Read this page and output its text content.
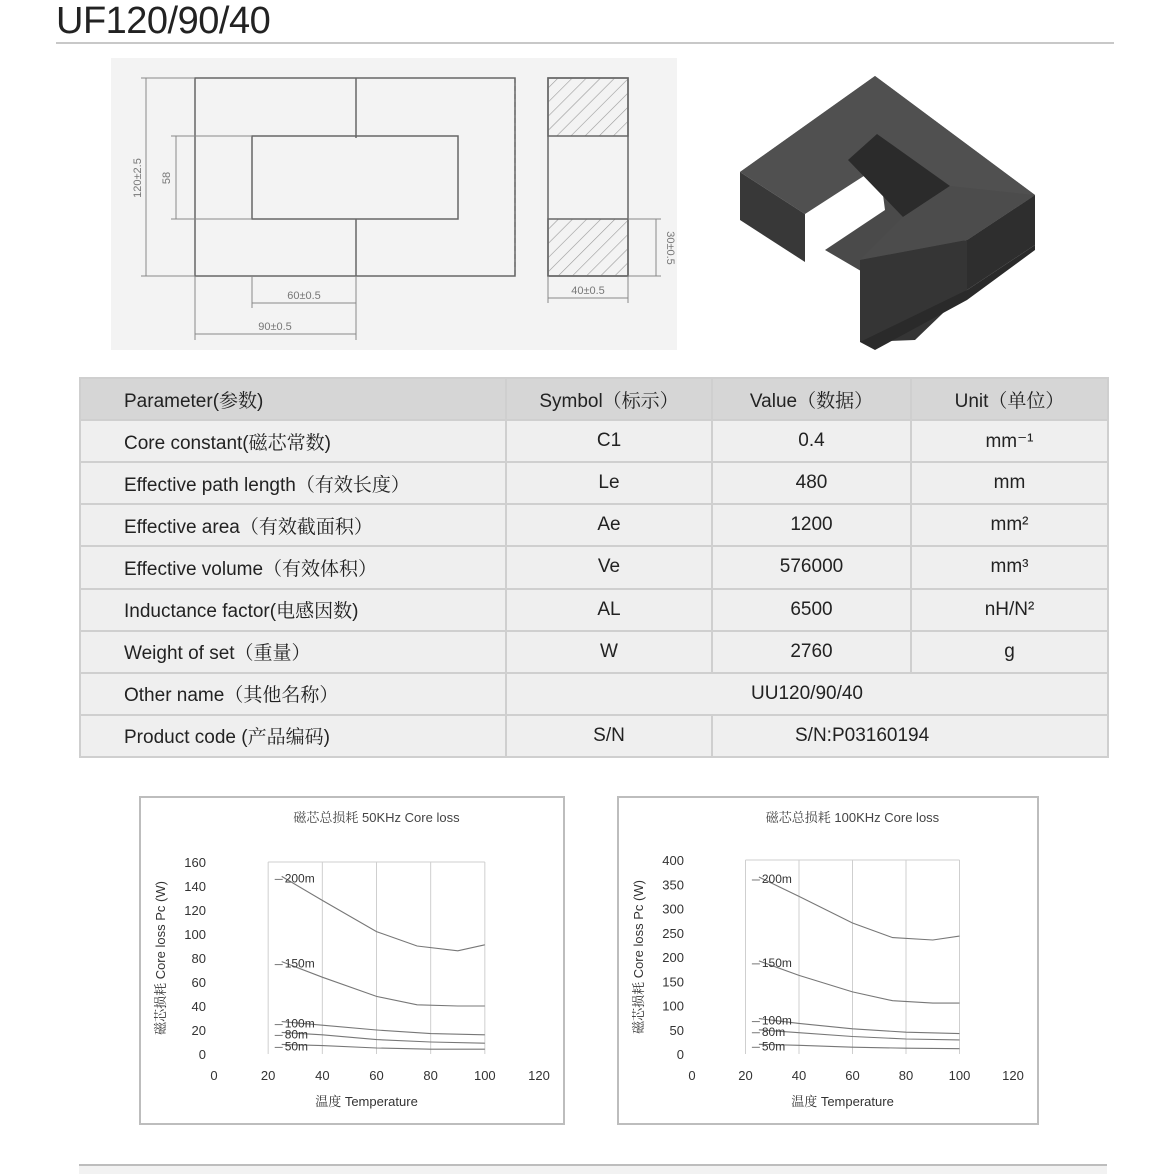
UF120/90/40
120±2.5 58
60±0.5
90±0.5
40±0.5
30±0.5
Parameter(参数)	Symbol（标示）	Value（数据）	Unit（单位）
Core constant(磁芯常数)	C1	0.4	mm⁻¹
Effective path length（有效长度）	Le	480	mm
Effective area（有效截面积）	Ae	1200	mm²
Effective volume（有效体积）	Ve	576000	mm³
Inductance factor(电感因数)	AL	6500	nH/N²
Weight of set（重量）	W	2760	g
Other name（其他名称）	UU120/90/40		
Product code (产品编码)	S/N	S/N:P03160194	
磁芯总损耗 50KHz Core loss
0	20	40	60	80	100 120
0
20
40
60
80
100
120
140
160
200m
150m
100m
80m
50m
温度 Temperature
磁芯损耗 Core loss Pc (W)
磁芯总损耗 100KHz Core loss
0	20	40	60	80	100 120
0
50
100
150
200
250
300
350
400
200m
150m
100m
80m
50m
温度 Temperature
磁芯损耗 Core loss Pc (W)
